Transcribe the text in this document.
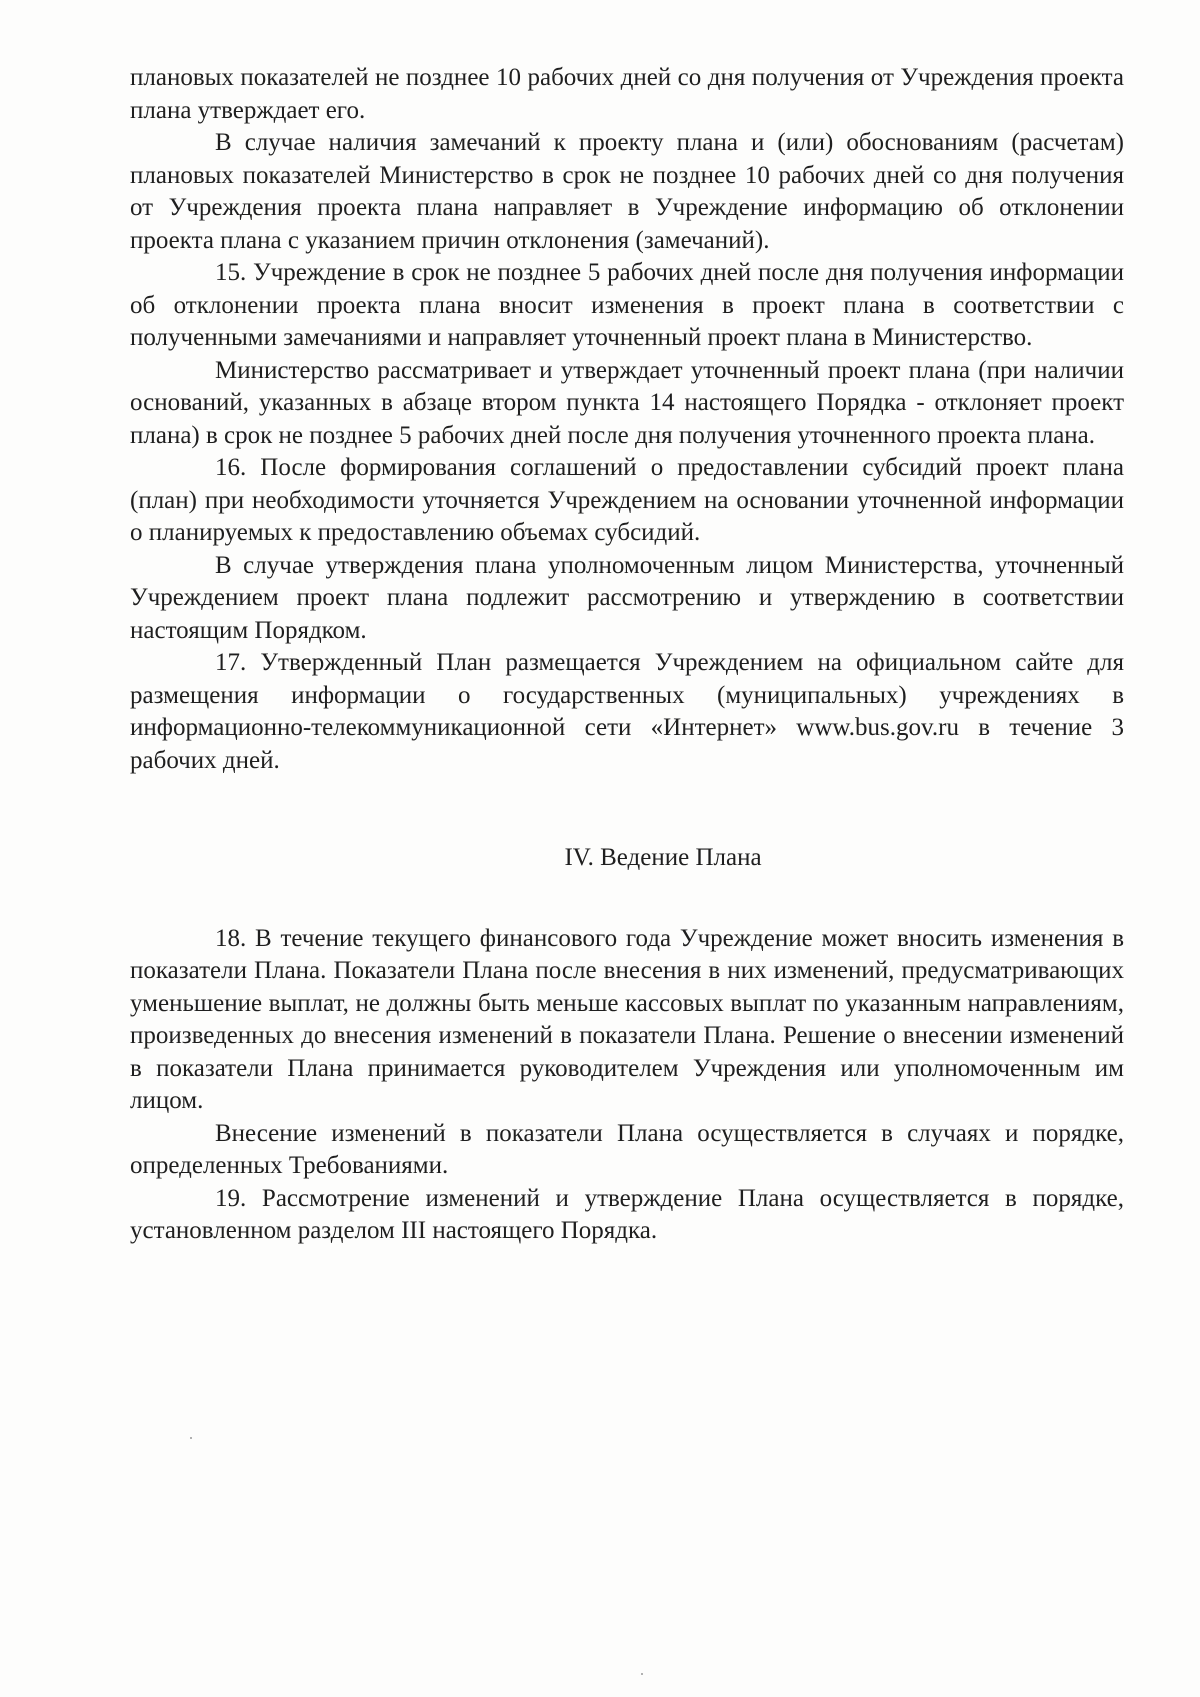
плановых показателей не позднее 10 рабочих дней со дня получения от Учреждения проекта плана утверждает его.

В случае наличия замечаний к проекту плана и (или) обоснованиям (расчетам) плановых показателей Министерство в срок не позднее 10 рабочих дней со дня получения от Учреждения проекта плана направляет в Учреждение информацию об отклонении проекта плана с указанием причин отклонения (замечаний).

15. Учреждение в срок не позднее 5 рабочих дней после дня получения информации об отклонении проекта плана вносит изменения в проект плана в соответствии с полученными замечаниями и направляет уточненный проект плана в Министерство.

Министерство рассматривает и утверждает уточненный проект плана (при наличии оснований, указанных в абзаце втором пункта 14 настоящего Порядка - отклоняет проект плана) в срок не позднее 5 рабочих дней после дня получения уточненного проекта плана.

16. После формирования соглашений о предоставлении субсидий проект плана (план) при необходимости уточняется Учреждением на основании уточненной информации о планируемых к предоставлению объемах субсидий.

В случае утверждения плана уполномоченным лицом Министерства, уточненный Учреждением проект плана подлежит рассмотрению и утверждению в соответствии настоящим Порядком.

17. Утвержденный План размещается Учреждением на официальном сайте для размещения информации о государственных (муниципальных) учреждениях в информационно-телекоммуникационной сети «Интернет» www.bus.gov.ru в течение 3 рабочих дней.

IV. Ведение Плана

18. В течение текущего финансового года Учреждение может вносить изменения в показатели Плана. Показатели Плана после внесения в них изменений, предусматривающих уменьшение выплат, не должны быть меньше кассовых выплат по указанным направлениям, произведенных до внесения изменений в показатели Плана. Решение о внесении изменений в показатели Плана принимается руководителем Учреждения или уполномоченным им лицом.

Внесение изменений в показатели Плана осуществляется в случаях и порядке, определенных Требованиями.

19. Рассмотрение изменений и утверждение Плана осуществляется в порядке, установленном разделом III настоящего Порядка.
